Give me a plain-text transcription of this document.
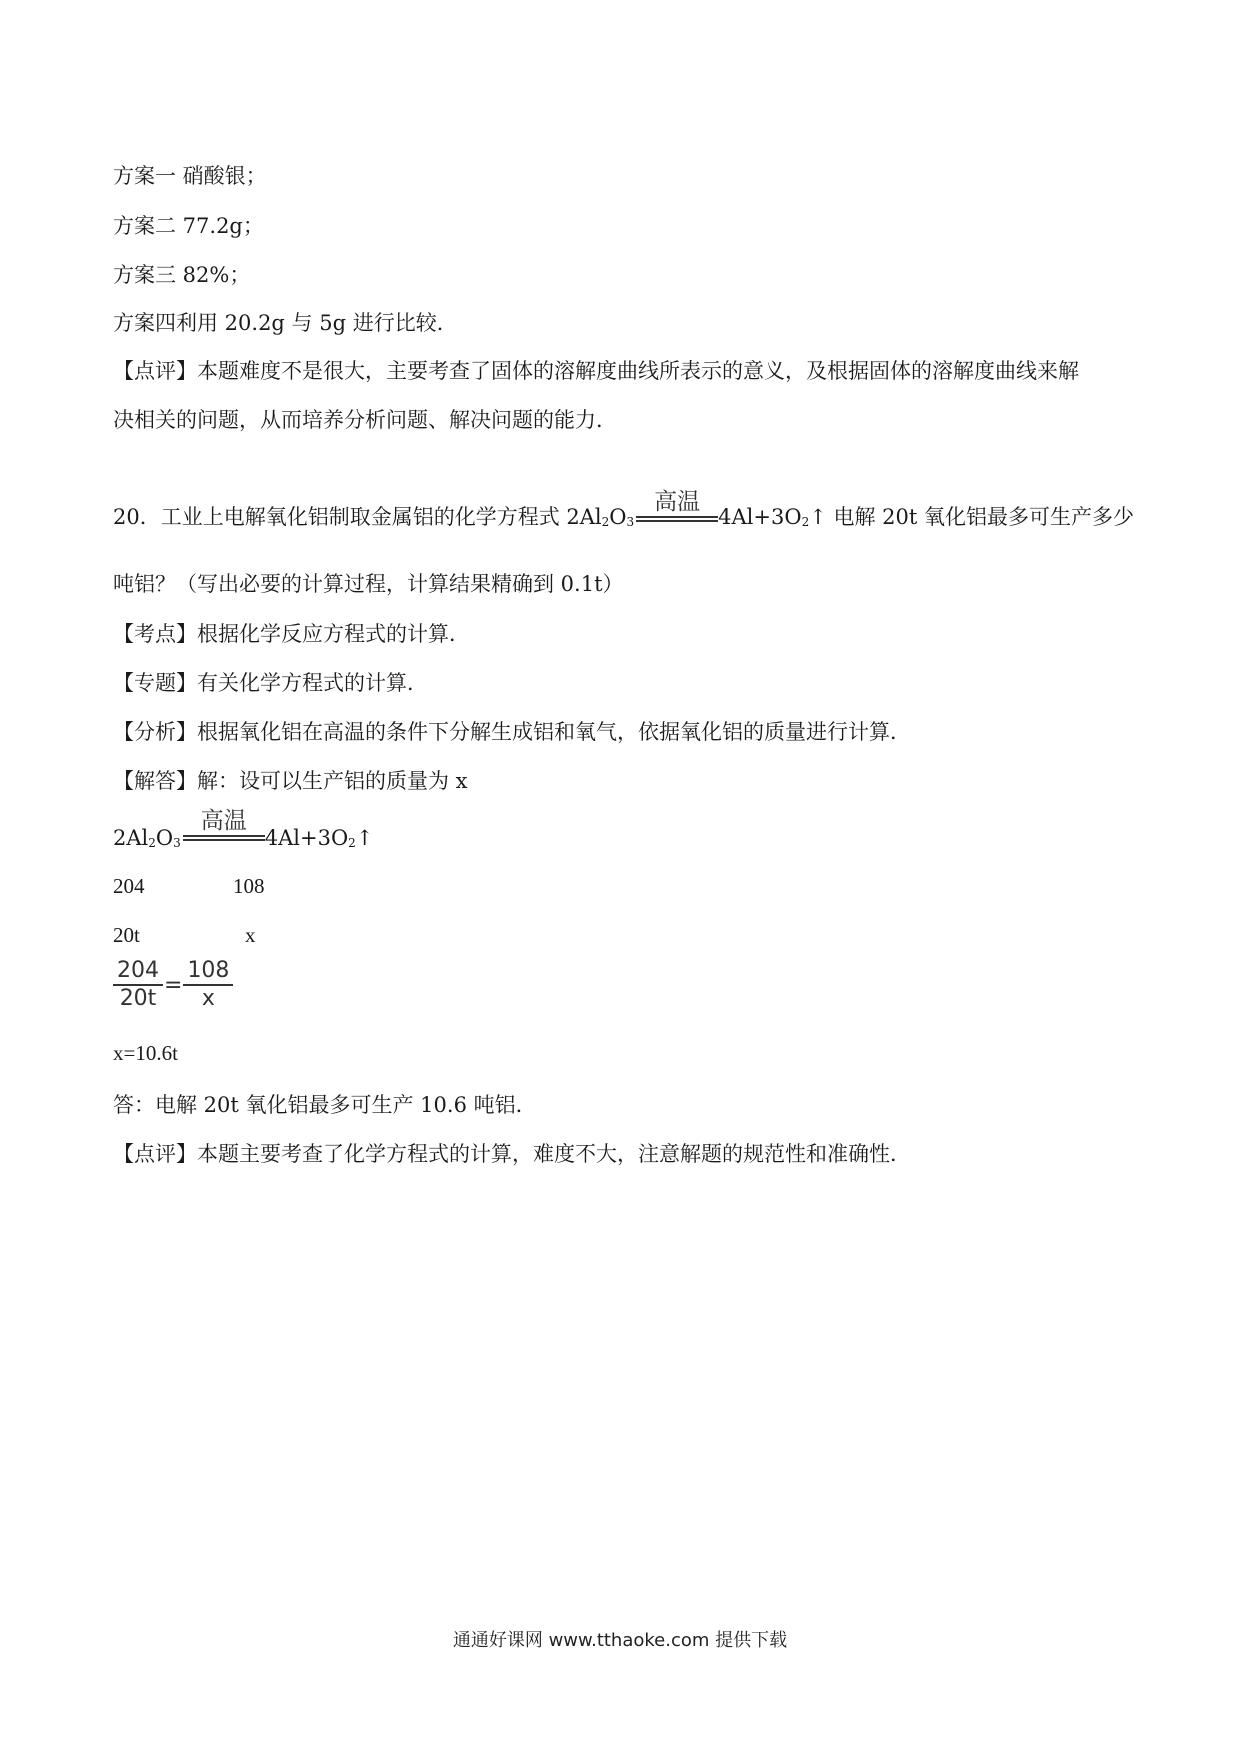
方案一 硝酸银；
方案二 77.2g；
方案三 82%；
方案四利用 20.2g 与 5g 进行比较．
【点评】本题难度不是很大，主要考查了固体的溶解度曲线所表示的意义，及根据固体的溶解度曲线来解
决相关的问题，从而培养分析问题、解决问题的能力．
20．工业上电解氧化铝制取金属铝的化学方程式 $2Al_2O_3$
高温
$4Al+3O_2↑$ 电解 20t 氧化铝最多可生产多少
吨铝？（写出必要的计算过程，计算结果精确到 0.1t）
【考点】根据化学反应方程式的计算．
【专题】有关化学方程式的计算．
【分析】根据氧化铝在高温的条件下分解生成铝和氧气，依据氧化铝的质量进行计算．
【解答】解：设可以生产铝的质量为 x
$2Al_2O_3$
高温
$4Al+3O_2↑$
204	108
20t	x
$\frac{204}{20t} = \frac{108}{x}$
x=10.6t
答：电解 20t 氧化铝最多可生产 10.6 吨铝．
【点评】本题主要考查了化学方程式的计算，难度不大，注意解题的规范性和准确性．
通通好课网 www.tthaoke.com 提供下载
